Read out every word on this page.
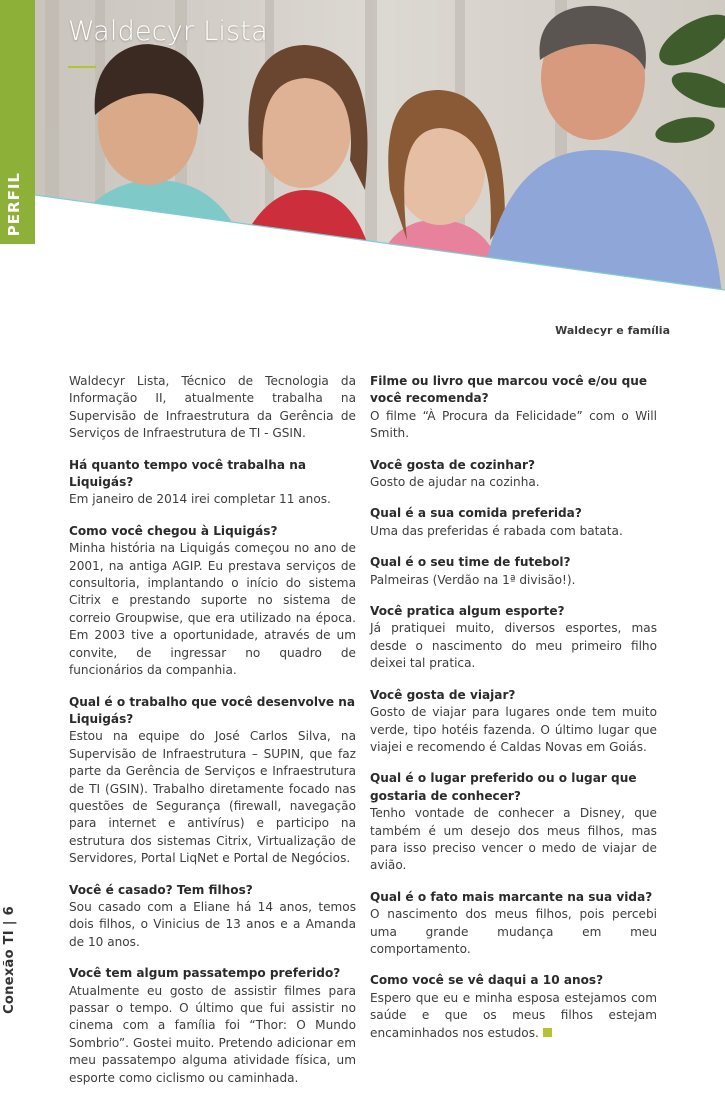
PERFIL
Waldecyr Lista
Waldecyr e família
Conexão TI | 6

Waldecyr Lista, Técnico de Tecnologia da Informação II, atualmente trabalha na Supervisão de Infraestrutura da Gerência de Serviços de Infraestrutura de TI - GSIN.

Há quanto tempo você trabalha na Liquigás?

Em janeiro de 2014 irei completar 11 anos.

Como você chegou à Liquigás?

Minha história na Liquigás começou no ano de 2001, na antiga AGIP. Eu prestava serviços de consultoria, implantando o início do sistema Citrix e prestando suporte no sistema de correio Groupwise, que era utilizado na época. Em 2003 tive a oportunidade, através de um convite, de ingressar no quadro de funcionários da companhia.

Qual é o trabalho que você desenvolve na Liquigás?

Estou na equipe do José Carlos Silva, na Supervisão de Infraestrutura – SUPIN, que faz parte da Gerência de Serviços e Infraestrutura de TI (GSIN). Trabalho diretamente focado nas questões de Segurança (firewall, navegação para internet e antivírus) e participo na estrutura dos sistemas Citrix, Virtualização de Servidores, Portal LiqNet e Portal de Negócios.

Você é casado? Tem filhos?

Sou casado com a Eliane há 14 anos, temos dois filhos, o Vinicius de 13 anos e a Amanda de 10 anos.

Você tem algum passatempo preferido?

Atualmente eu gosto de assistir filmes para passar o tempo. O último que fui assistir no cinema com a família foi “Thor: O Mundo Sombrio”. Gostei muito. Pretendo adicionar em meu passatempo alguma atividade física, um esporte como ciclismo ou caminhada.

Filme ou livro que marcou você e/ou que você recomenda?

O filme “À Procura da Felicidade” com o Will Smith.

Você gosta de cozinhar?

Gosto de ajudar na cozinha.

Qual é a sua comida preferida?

Uma das preferidas é rabada com batata.

Qual é o seu time de futebol?

Palmeiras (Verdão na 1ª divisão!).

Você pratica algum esporte?

Já pratiquei muito, diversos esportes, mas desde o nascimento do meu primeiro filho deixei tal pratica.

Você gosta de viajar?

Gosto de viajar para lugares onde tem muito verde, tipo hotéis fazenda. O último lugar que viajei e recomendo é Caldas Novas em Goiás.

Qual é o lugar preferido ou o lugar que gostaria de conhecer?

Tenho vontade de conhecer a Disney, que também é um desejo dos meus filhos, mas para isso preciso vencer o medo de viajar de avião.

Qual é o fato mais marcante na sua vida?

O nascimento dos meus filhos, pois percebi uma grande mudança em meu comportamento.

Como você se vê daqui a 10 anos?

Espero que eu e minha esposa estejamos com saúde e que os meus filhos estejam encaminhados nos estudos.
